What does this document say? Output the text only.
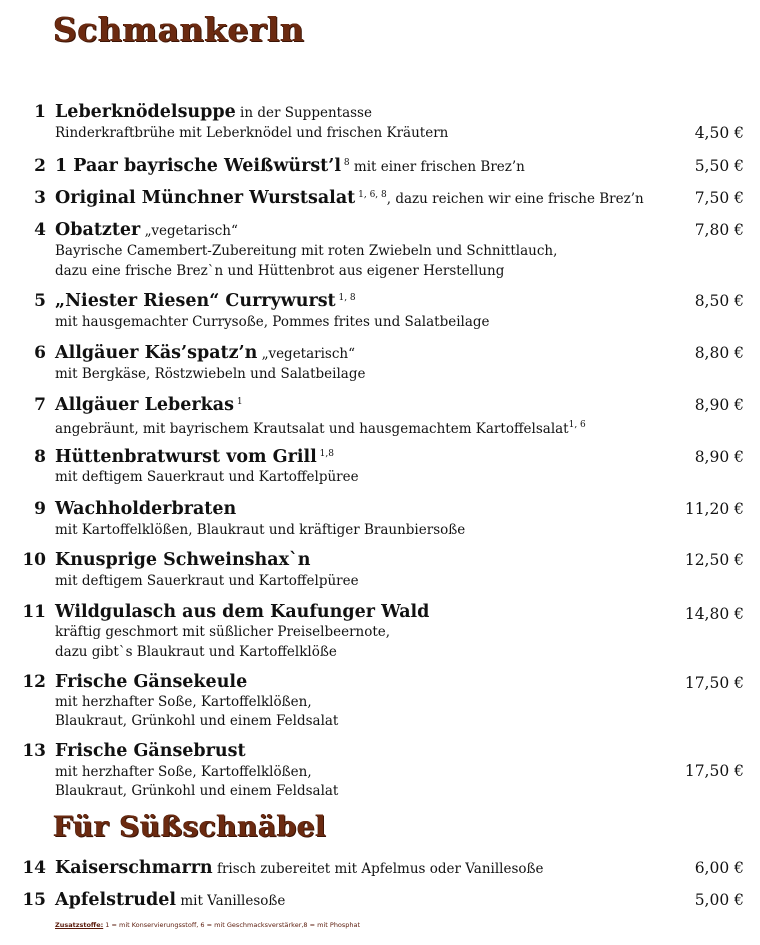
Schmankerln
Für Süßschnäbel
1 Leberknödelsuppe in der Suppentasse
Rinderkraftbrühe mit Leberknödel und frischen Kräutern	4,50 €
2 1 Paar bayrische Weißwürst’l $^8$ mit einer frischen Brez’n	5,50 €
3 Original Münchner Wurstsalat $^{1, 6, 8}$, dazu reichen wir eine frische Brez’n	7,50 €
4 Obatzter „vegetarisch“
Bayrische Camembert-Zubereitung mit roten Zwiebeln und Schnittlauch,
dazu eine frische Brez`n und Hüttenbrot aus eigener Herstellung
7,80 €
5 „Niester Riesen“ Currywurst $^{1, 8}$
mit hausgemachter Currysoße, Pommes frites und Salatbeilage
8,50 €
6 Allgäuer Käs’spatz’n „vegetarisch“
mit Bergkäse, Röstzwiebeln und Salatbeilage
8,80 €
7 Allgäuer Leberkas $^1$
angebräunt, mit bayrischem Krautsalat und hausgemachtem Kartoffelsalat$^{1, 6}$
8,90 €
8 Hüttenbratwurst vom Grill $^{1,8}$
mit deftigem Sauerkraut und Kartoffelpüree
8,90 €
9 Wachholderbraten
mit Kartoffelklößen, Blaukraut und kräftiger Braunbiersoße
11,20 €
10 Knusprige Schweinshax`n
mit deftigem Sauerkraut und Kartoffelpüree
12,50 €
11 Wildgulasch aus dem Kaufunger Wald
kräftig geschmort mit süßlicher Preiselbeernote,
dazu gibt`s Blaukraut und Kartoffelklöße
14,80 €
12 Frische Gänsekeule
mit herzhafter Soße, Kartoffelklößen,
Blaukraut, Grünkohl und einem Feldsalat
17,50 €
13 Frische Gänsebrust
mit herzhafter Soße, Kartoffelklößen,
Blaukraut, Grünkohl und einem Feldsalat
17,50 €
14 Kaiserschmarrn frisch zubereitet mit Apfelmus oder Vanillesoße	6,00 €
15 Apfelstrudel mit Vanillesoße	5,00 €
Zusatzstoffe: 1 = mit Konservierungsstoff, 6 = mit Geschmacksverstärker,8 = mit Phosphat
